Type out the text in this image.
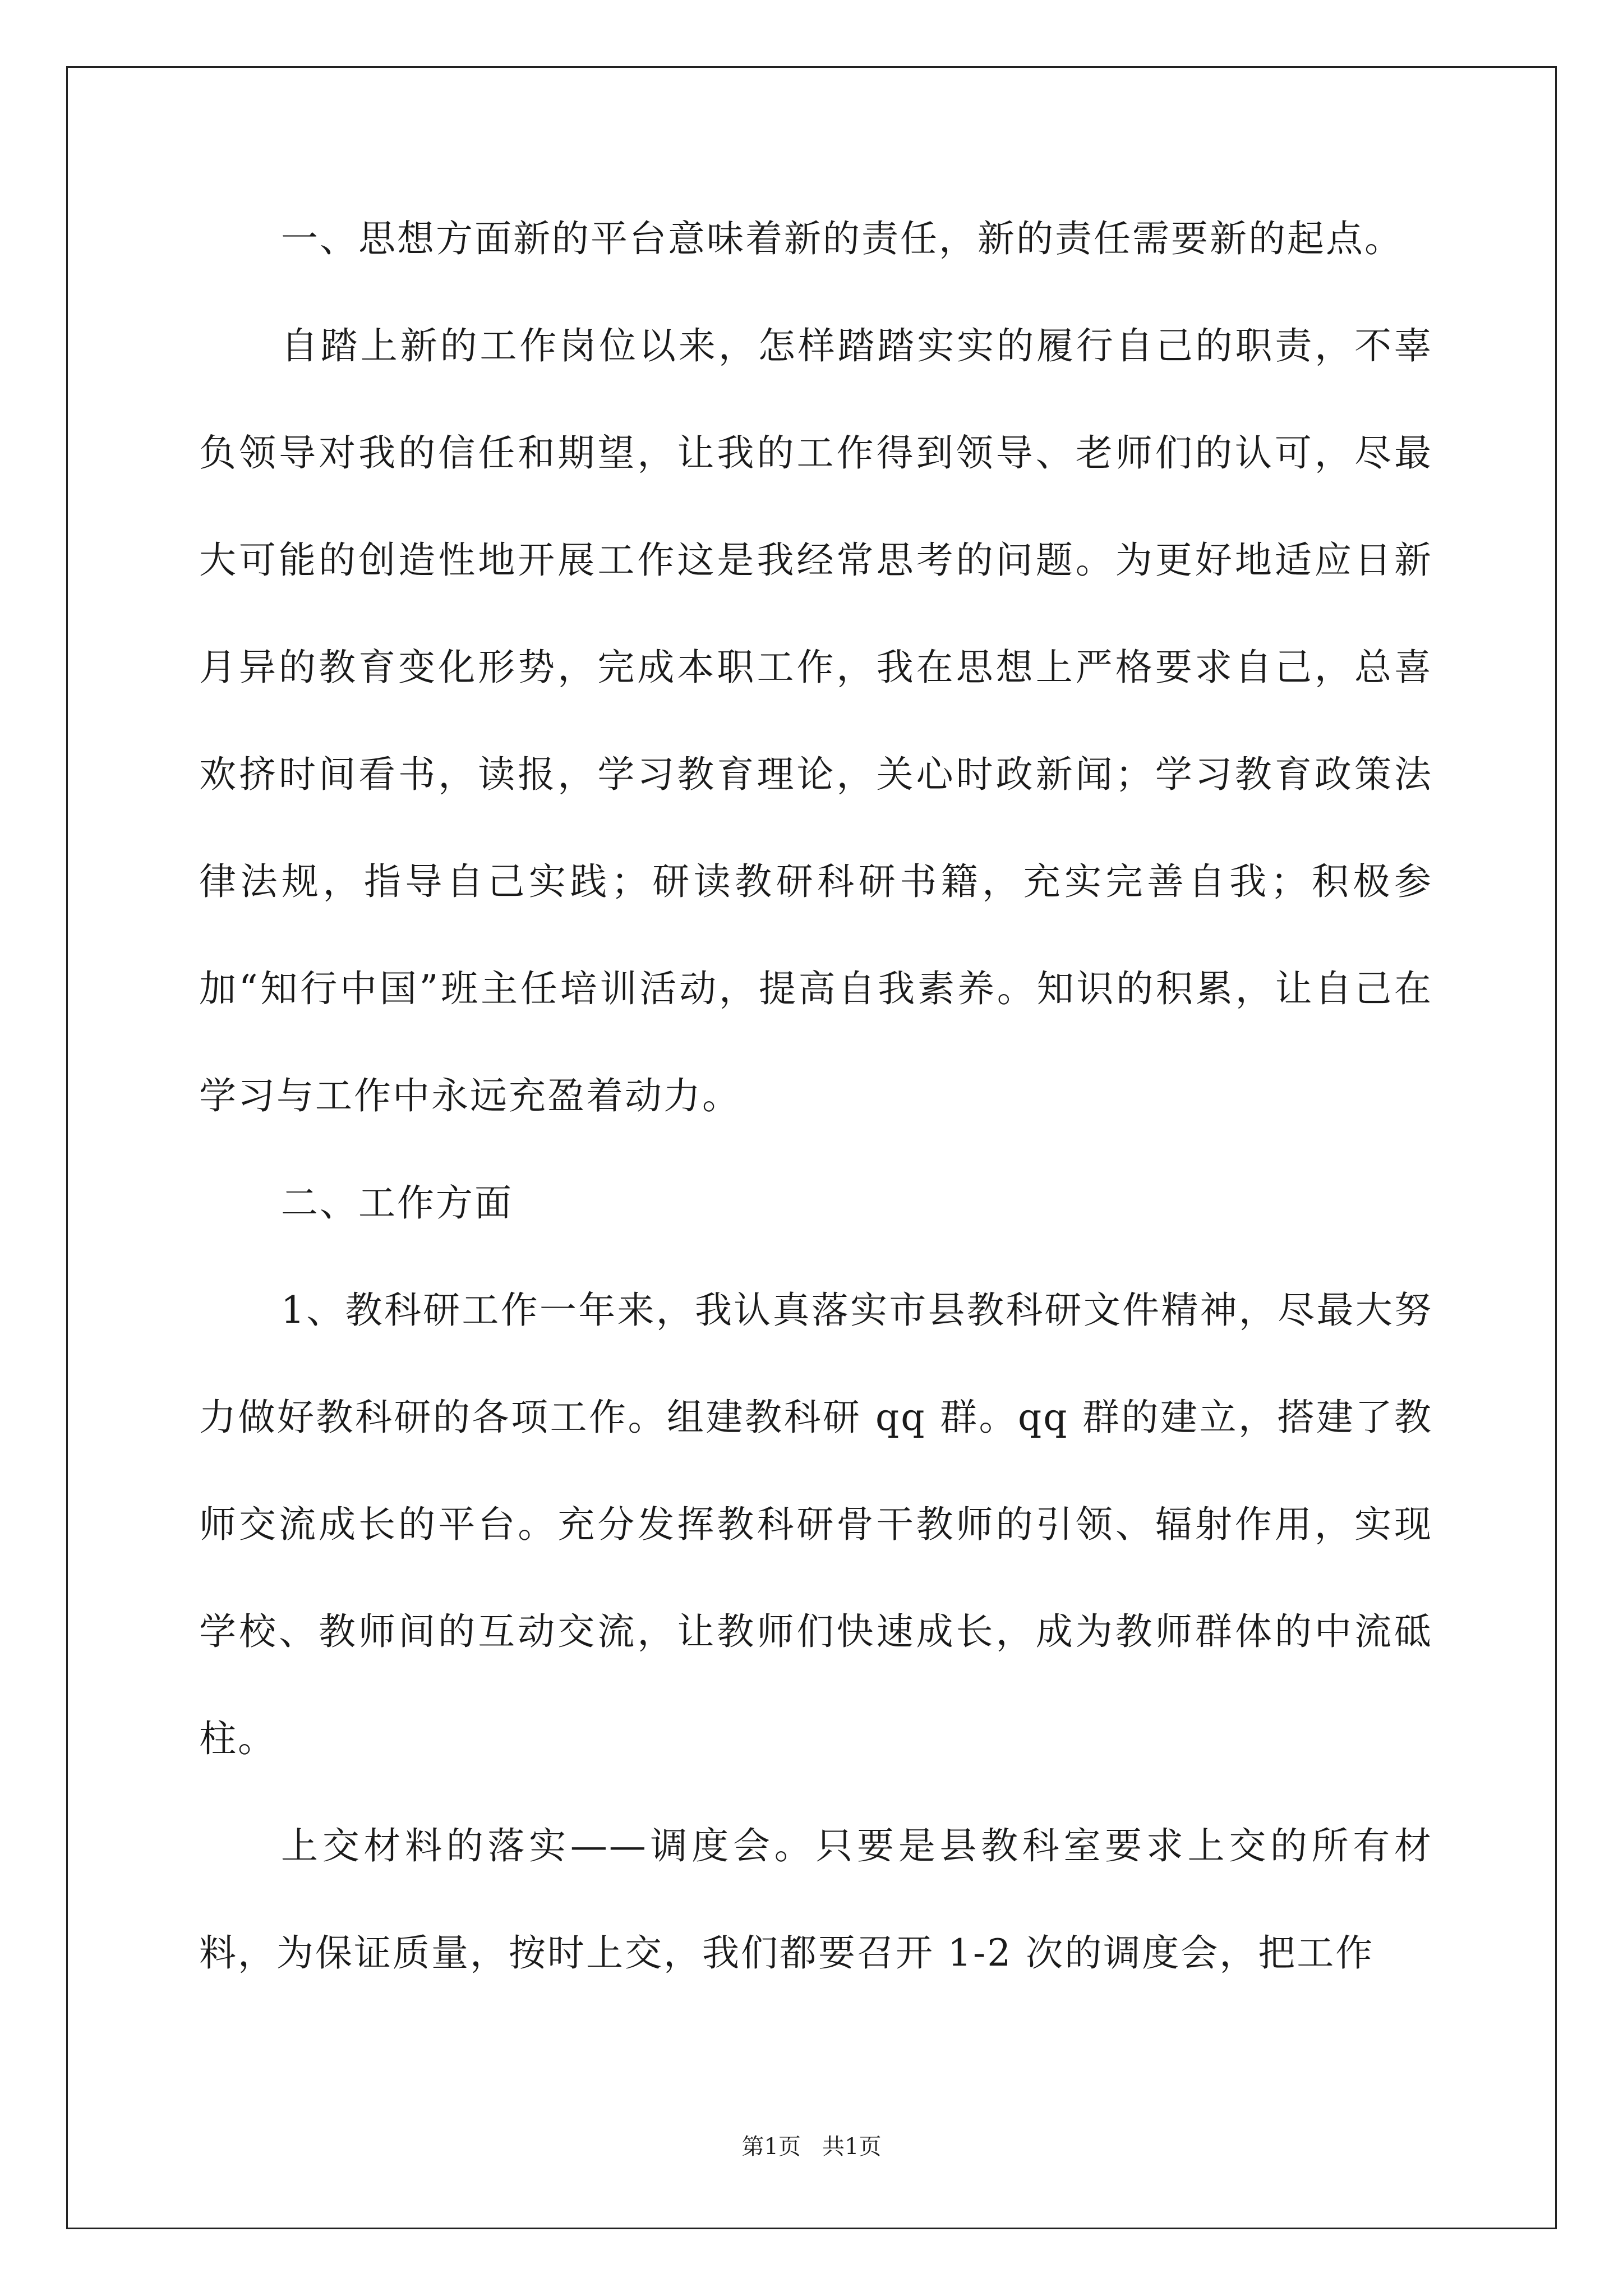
一、思想方面新的平台意味着新的责任，新的责任需要新的起点。

自踏上新的工作岗位以来，怎样踏踏实实的履行自己的职责，不辜负领导对我的信任和期望，让我的工作得到领导、老师们的认可，尽最大可能的创造性地开展工作这是我经常思考的问题。为更好地适应日新月异的教育变化形势，完成本职工作，我在思想上严格要求自己，总喜欢挤时间看书，读报，学习教育理论，关心时政新闻；学习教育政策法律法规，指导自己实践；研读教研科研书籍，充实完善自我；积极参加“知行中国”班主任培训活动，提高自我素养。知识的积累，让自己在学习与工作中永远充盈着动力。

二、工作方面

1、教科研工作一年来，我认真落实市县教科研文件精神，尽最大努力做好教科研的各项工作。组建教科研 qq 群。qq 群的建立，搭建了教师交流成长的平台。充分发挥教科研骨干教师的引领、辐射作用，实现学校、教师间的互动交流，让教师们快速成长，成为教师群体的中流砥柱。

上交材料的落实——调度会。只要是县教科室要求上交的所有材料，为保证质量，按时上交，我们都要召开 1-2 次的调度会，把工作

第1页   共1页
